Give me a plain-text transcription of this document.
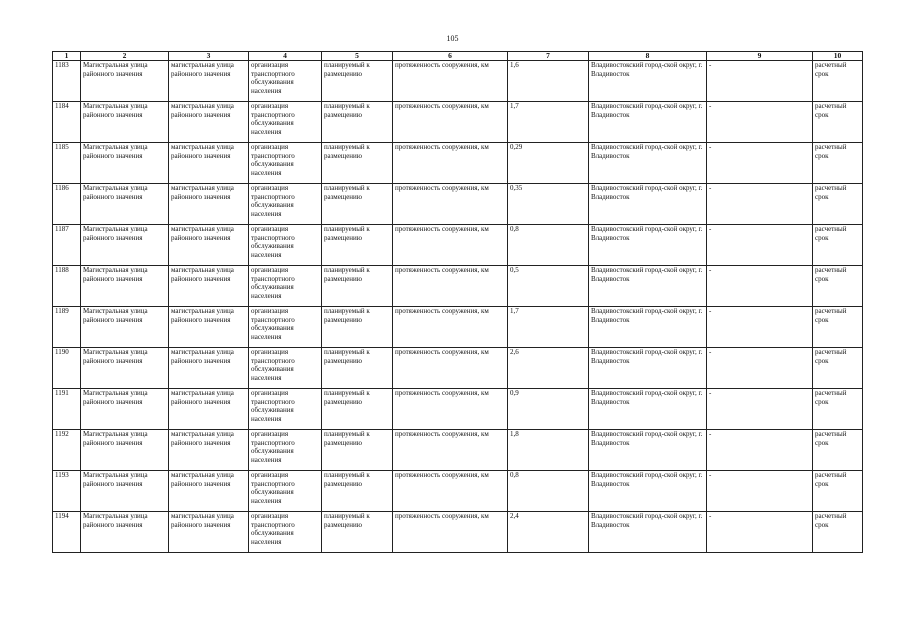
105
1	2	3	4	5	6	7	8	9	10
1183	Магистральная улица районного значения	магистральная улица районного значения	организация транспортного обслуживания населения	планируемый к размещению	протяженность сооружения, км	1,6	Владивостокский город-ской округ, г. Владивосток	-	расчетный срок
1184	Магистральная улица районного значения	магистральная улица районного значения	организация транспортного обслуживания населения	планируемый к размещению	протяженность сооружения, км	1,7	Владивостокский город-ской округ, г. Владивосток	-	расчетный срок
1185	Магистральная улица районного значения	магистральная улица районного значения	организация транспортного обслуживания населения	планируемый к размещению	протяженность сооружения, км	0,29	Владивостокский город-ской округ, г. Владивосток	-	расчетный срок
1186	Магистральная улица районного значения	магистральная улица районного значения	организация транспортного обслуживания населения	планируемый к размещению	протяженность сооружения, км	0,35	Владивостокский город-ской округ, г. Владивосток	-	расчетный срок
1187	Магистральная улица районного значения	магистральная улица районного значения	организация транспортного обслуживания населения	планируемый к размещению	протяженность сооружения, км	0,8	Владивостокский город-ской округ, г. Владивосток	-	расчетный срок
1188	Магистральная улица районного значения	магистральная улица районного значения	организация транспортного обслуживания населения	планируемый к размещению	протяженность сооружения, км	0,5	Владивостокский город-ской округ, г. Владивосток	-	расчетный срок
1189	Магистральная улица районного значения	магистральная улица районного значения	организация транспортного обслуживания населения	планируемый к размещению	протяженность сооружения, км	1,7	Владивостокский город-ской округ, г. Владивосток	-	расчетный срок
1190	Магистральная улица районного значения	магистральная улица районного значения	организация транспортного обслуживания населения	планируемый к размещению	протяженность сооружения, км	2,6	Владивостокский город-ской округ, г. Владивосток	-	расчетный срок
1191	Магистральная улица районного значения	магистральная улица районного значения	организация транспортного обслуживания населения	планируемый к размещению	протяженность сооружения, км	0,9	Владивостокский город-ской округ, г. Владивосток	-	расчетный срок
1192	Магистральная улица районного значения	магистральная улица районного значения	организация транспортного обслуживания населения	планируемый к размещению	протяженность сооружения, км	1,8	Владивостокский город-ской округ, г. Владивосток	-	расчетный срок
1193	Магистральная улица районного значения	магистральная улица районного значения	организация транспортного обслуживания населения	планируемый к размещению	протяженность сооружения, км	0,8	Владивостокский город-ской округ, г. Владивосток	-	расчетный срок
1194	Магистральная улица районного значения	магистральная улица районного значения	организация транспортного обслуживания населения	планируемый к размещению	протяженность сооружения, км	2,4	Владивостокский город-ской округ, г. Владивосток	-	расчетный срок
